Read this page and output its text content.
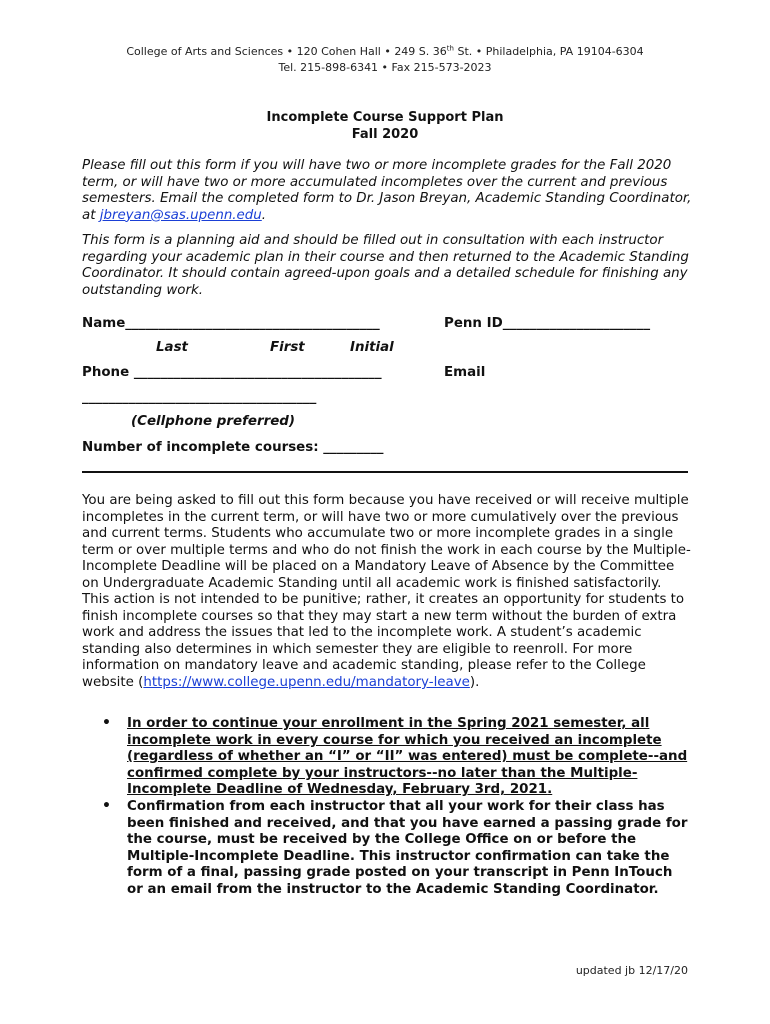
College of Arts and Sciences • 120 Cohen Hall • 249 S. 36th St. • Philadelphia, PA 19104-6304
Tel. 215-898-6341 • Fax 215-573-2023
Incomplete Course Support Plan
Fall 2020
Please fill out this form if you will have two or more incomplete grades for the Fall 2020 term, or will have two or more accumulated incompletes over the current and previous semesters. Email the completed form to Dr. Jason Breyan, Academic Standing Coordinator, at jbreyan@sas.upenn.edu.
This form is a planning aid and should be filled out in consultation with each instructor regarding your academic plan in their course and then returned to the Academic Standing Coordinator. It should contain agreed-upon goals and a detailed schedule for finishing any outstanding work.
Name______________________________________	Penn ID______________________
Last	First	Initial
Phone _____________________________________	Email
___________________________________
(Cellphone preferred)
Number of incomplete courses: _________
You are being asked to fill out this form because you have received or will receive multiple incompletes in the current term, or will have two or more cumulatively over the previous and current terms. Students who accumulate two or more incomplete grades in a single term or over multiple terms and who do not finish the work in each course by the Multiple-Incomplete Deadline will be placed on a Mandatory Leave of Absence by the Committee on Undergraduate Academic Standing until all academic work is finished satisfactorily. This action is not intended to be punitive; rather, it creates an opportunity for students to finish incomplete courses so that they may start a new term without the burden of extra work and address the issues that led to the incomplete work. A student’s academic standing also determines in which semester they are eligible to reenroll. For more information on mandatory leave and academic standing, please refer to the College website (https://www.college.upenn.edu/mandatory-leave).
• In order to continue your enrollment in the Spring 2021 semester, all incomplete work in every course for which you received an incomplete (regardless of whether an “I” or “II” was entered) must be complete--and confirmed complete by your instructors--no later than the Multiple-Incomplete Deadline of Wednesday, February 3rd, 2021.
• Confirmation from each instructor that all your work for their class has been finished and received, and that you have earned a passing grade for the course, must be received by the College Office on or before the Multiple-Incomplete Deadline. This instructor confirmation can take the form of a final, passing grade posted on your transcript in Penn InTouch or an email from the instructor to the Academic Standing Coordinator.
updated jb 12/17/20
